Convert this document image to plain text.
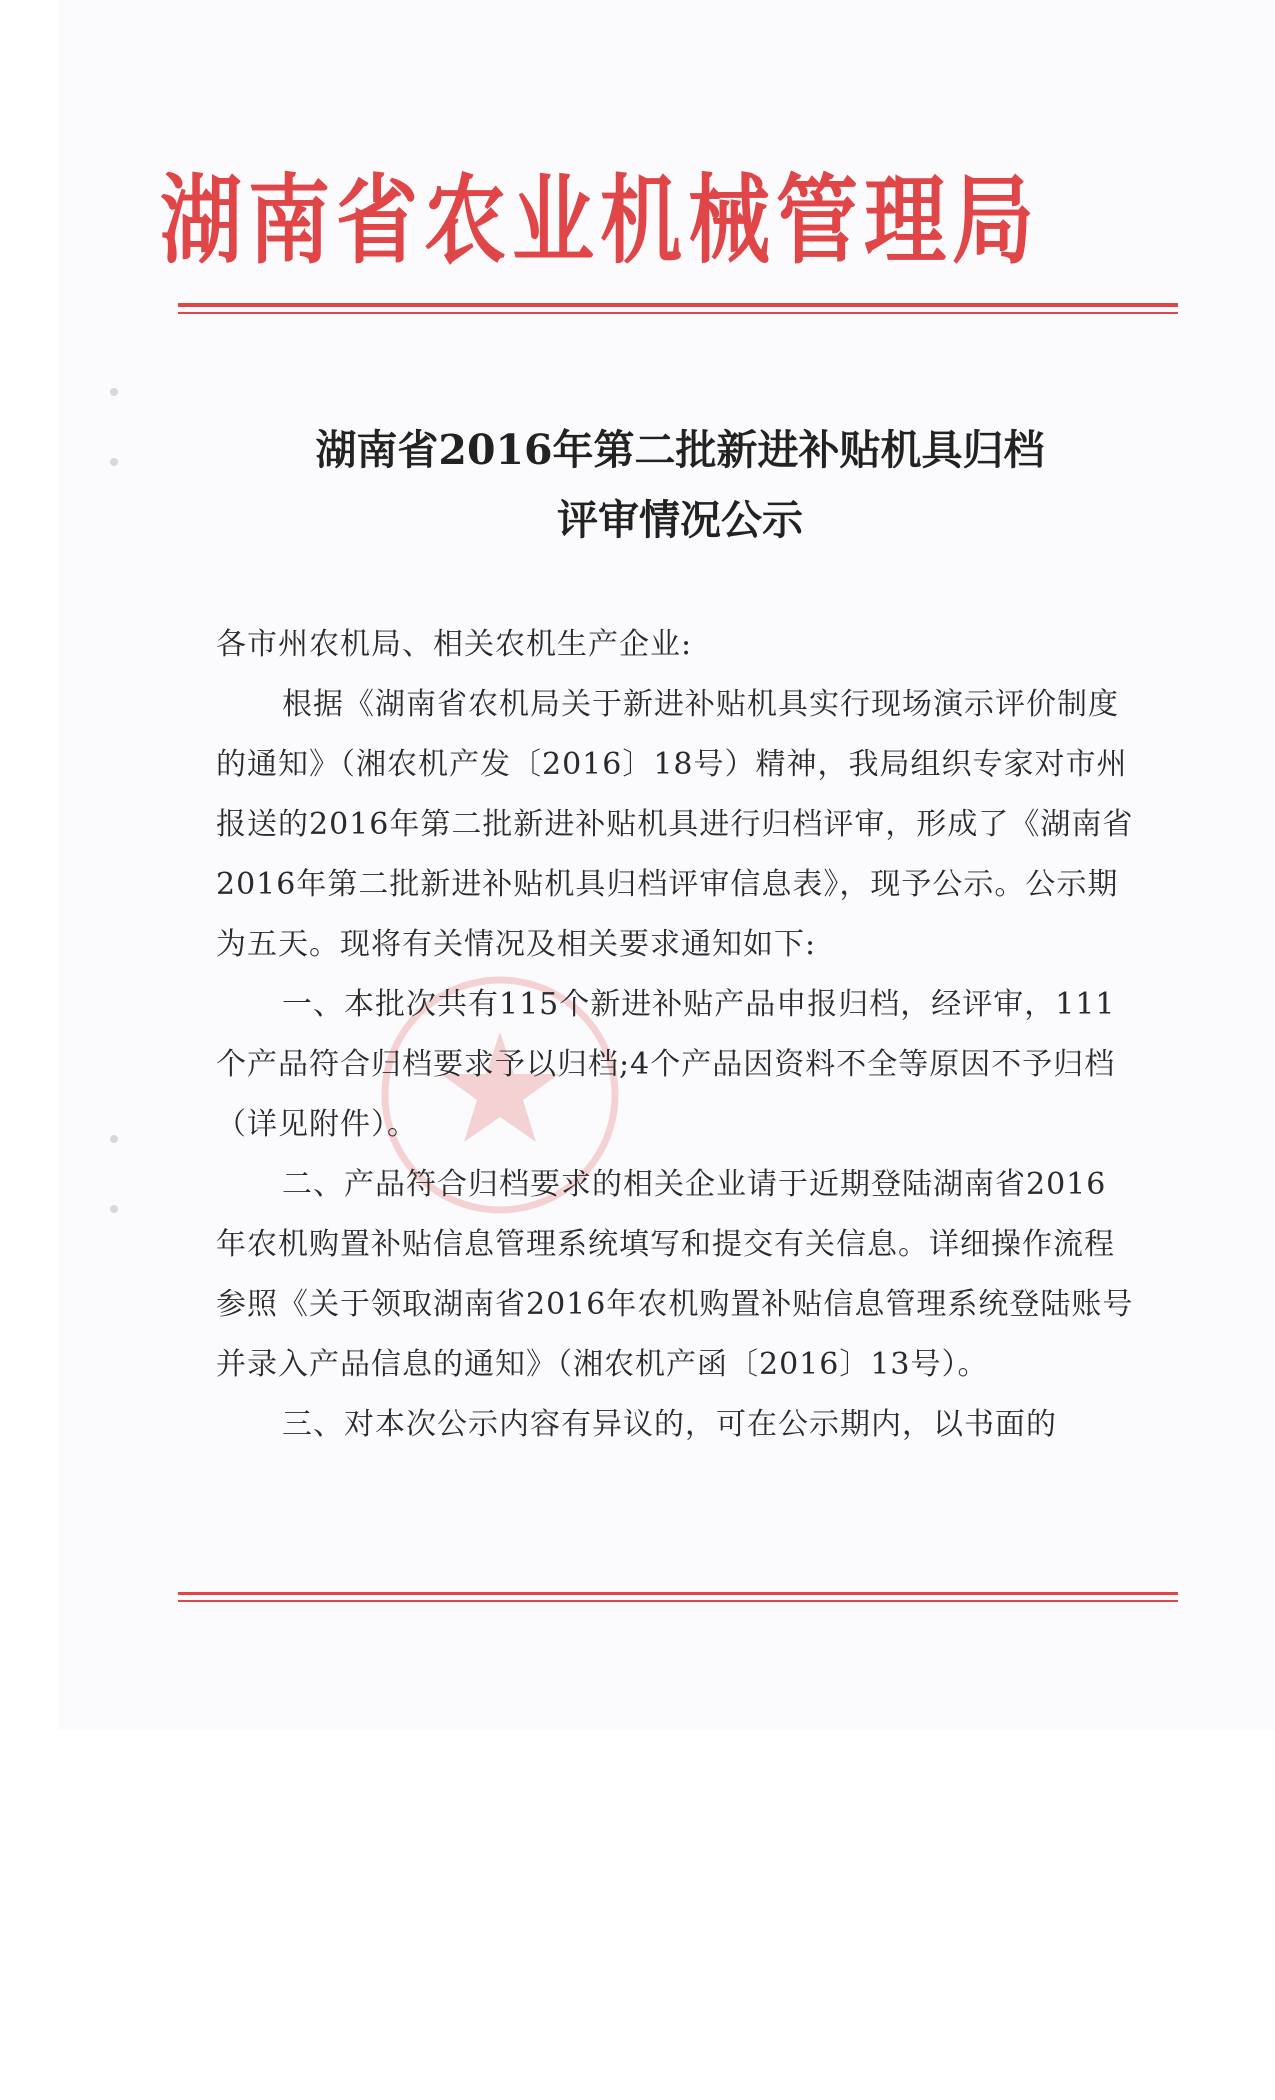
湖南省农业机械管理局
湖南省2016年第二批新进补贴机具归档
评审情况公示

各市州农机局、相关农机生产企业:

根据《湖南省农机局关于新进补贴机具实行现场演示评价制度的通知》（湘农机产发〔2016〕18号）精神，我局组织专家对市州报送的2016年第二批新进补贴机具进行归档评审，形成了《湖南省2016年第二批新进补贴机具归档评审信息表》，现予公示。公示期为五天。现将有关情况及相关要求通知如下:

一、本批次共有115个新进补贴产品申报归档，经评审，111个产品符合归档要求予以归档;4个产品因资料不全等原因不予归档（详见附件）。

二、产品符合归档要求的相关企业请于近期登陆湖南省2016年农机购置补贴信息管理系统填写和提交有关信息。详细操作流程参照《关于领取湖南省2016年农机购置补贴信息管理系统登陆账号并录入产品信息的通知》（湘农机产函〔2016〕13号）。

三、对本次公示内容有异议的，可在公示期内，以书面的
